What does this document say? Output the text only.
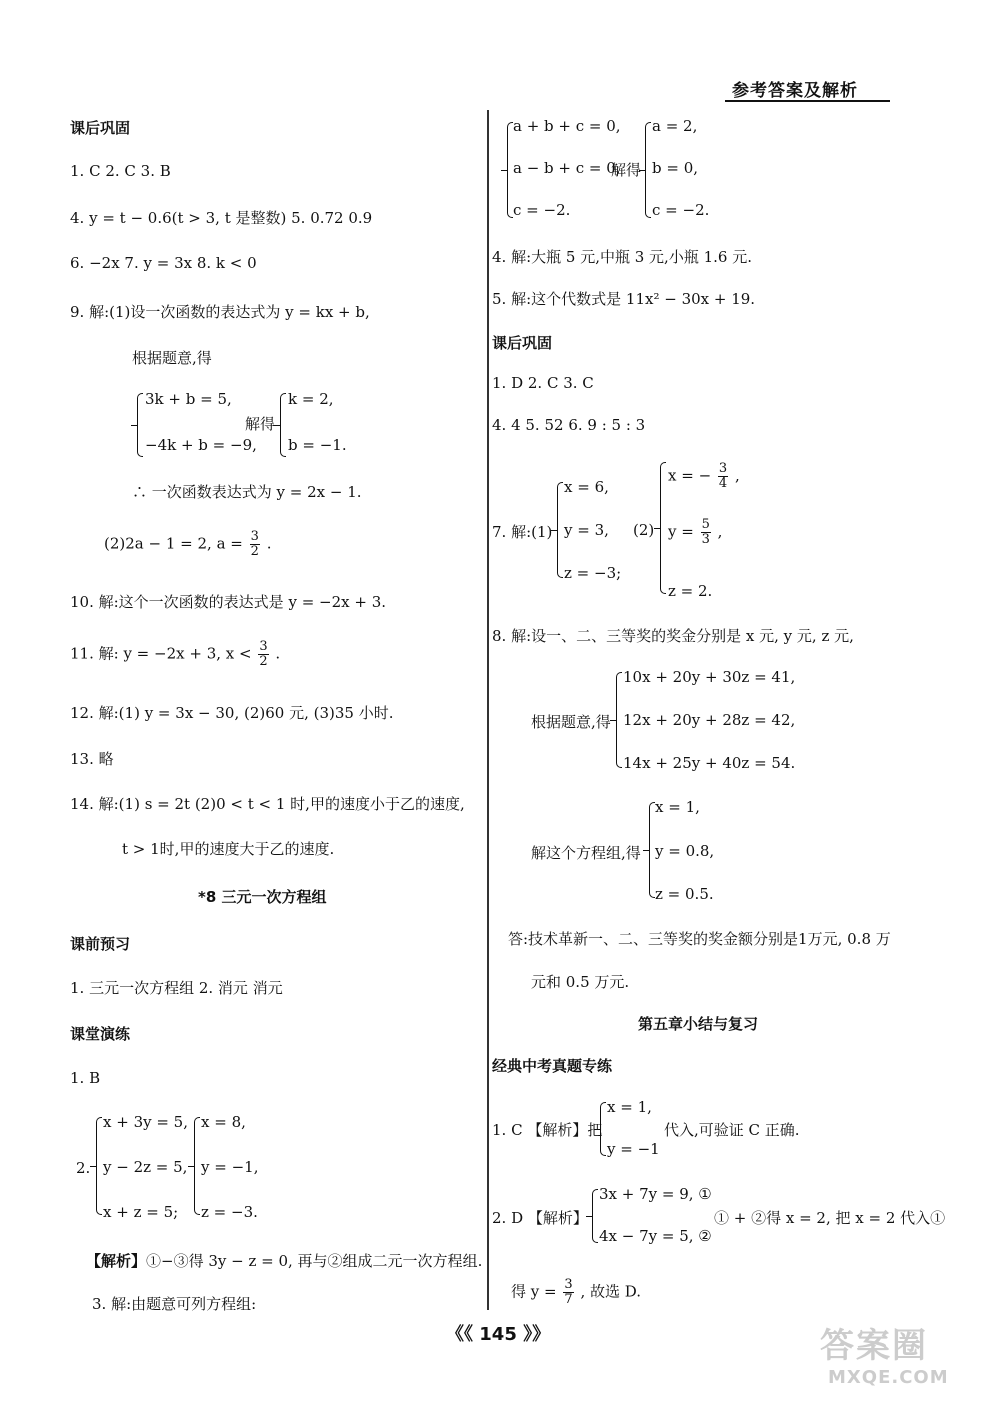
参考答案及解析
课后巩固
1. C 2. C 3. B
4. y = t − 0.6(t > 3, t 是整数) 5. 0.72 0.9
6. −2x 7. y = 3x 8. k < 0
9. 解:(1)设一次函数的表达式为 y = kx + b,
根据题意,得
3k + b = 5,
−4k + b = −9,
解得
k = 2,
b = −1.
∴ 一次函数表达式为 y = 2x − 1.
(2)2a − 1 = 2, $a = \frac{3}{2}$ .
10. 解:这个一次函数的表达式是 y = −2x + 3.
11. 解: y = −2x + 3, $x < \frac{3}{2}$ .
12. 解:(1) y = 3x − 30, (2)60 元, (3)35 小时.
13. 略
14. 解:(1) s = 2t (2)0 < t < 1 时,甲的速度小于乙的速度,
t > 1时,甲的速度大于乙的速度.
*8 三元一次方程组
课前预习
1. 三元一次方程组 2. 消元 消元
课堂演练
1. B
2.
x + 3y = 5,
y − 2z = 5,
x + z = 5;
x = 8,
y = −1,
z = −3.
【解析】①−③得 3y − z = 0, 再与②组成二元一次方程组.
3. 解:由题意可列方程组:
a + b + c = 0,
a − b + c = 0,
c = −2.
解得
a = 2,
b = 0,
c = −2.
4. 解:大瓶 5 元,中瓶 3 元,小瓶 1.6 元.
5. 解:这个代数式是 11x² − 30x + 19.
课后巩固
1. D 2. C 3. C
4. 4 5. 52 6. 9 : 5 : 3
7. 解:(1)
x = 6,
y = 3,
z = −3;
(2)
x = − $\frac{3}{4}$ ,
$y = \frac{5}{3}$ ,
z = 2.
8. 解:设一、二、三等奖的奖金分别是 x 元, y 元, z 元,
根据题意,得
10x + 20y + 30z = 41,
12x + 20y + 28z = 42,
14x + 25y + 40z = 54.
解这个方程组,得
x = 1,
y = 0.8,
z = 0.5.
答:技术革新一、二、三等奖的奖金额分别是1万元, 0.8 万
元和 0.5 万元.
第五章小结与复习
经典中考真题专练
1. C 【解析】把
x = 1,
y = −1
代入,可验证 C 正确.
2. D 【解析】
3x + 7y = 9, ①
4x − 7y = 5, ②
① + ②得 x = 2, 把 x = 2 代入①
得 $y = \frac{3}{7}$ , 故选 D.
《《 145 》》	答案圈
MXQE.COM
